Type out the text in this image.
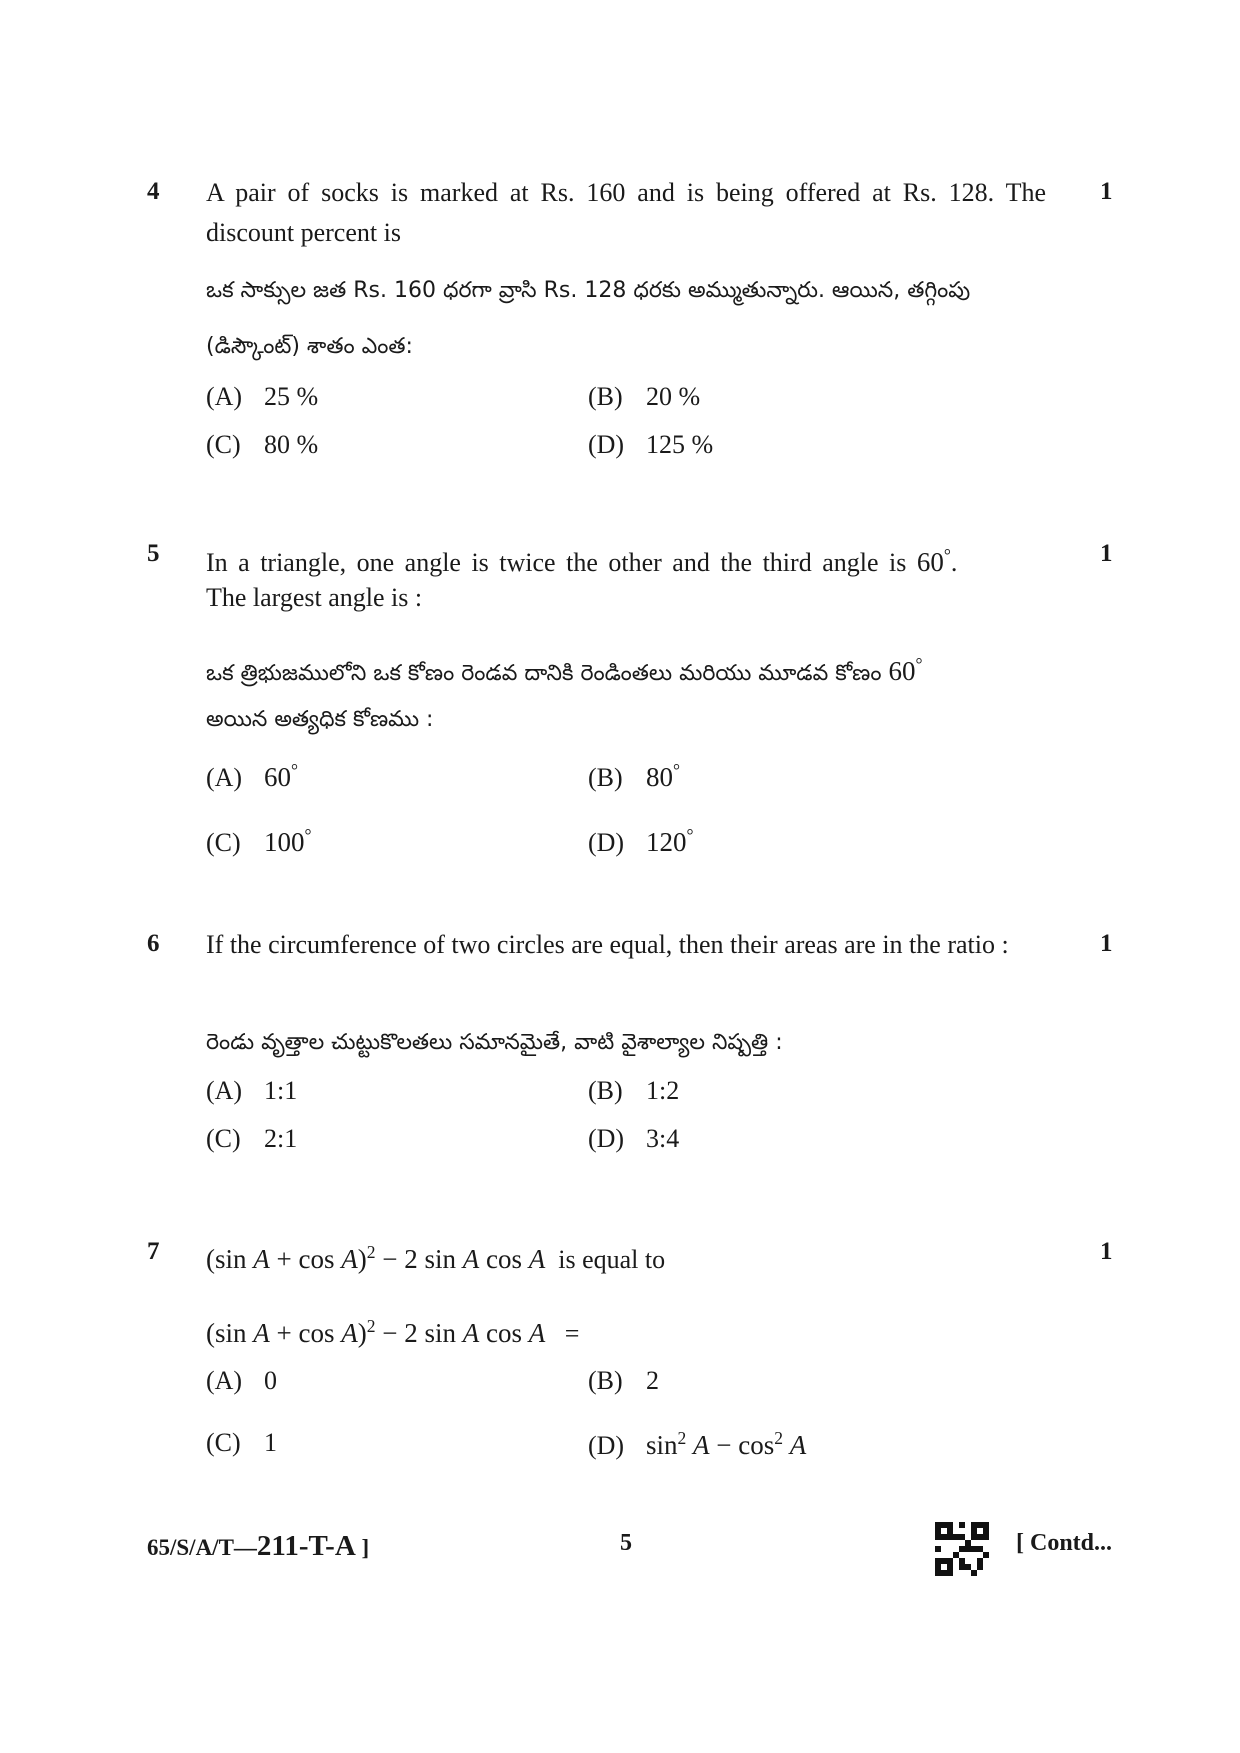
4	1
A pair of socks is marked at Rs. 160 and is being offered at Rs. 128. The discount percent is
ఒక సాక్సుల జత Rs. 160 ధరగా వ్రాసి Rs. 128 ధరకు అమ్ముతున్నారు. ఆయిన, తగ్గింపు
(డిస్కౌంట్) శాతం ఎంత:
(A) 25 %	(B) 20 %
(C) 80 %	(D) 125 %
5	1
In a triangle, one angle is twice the other and the third angle is 60°.
The largest angle is :
ఒక త్రిభుజములోని ఒక కోణం రెండవ దానికి రెండింతలు మరియు మూడవ కోణం 60°
అయిన అత్యధిక కోణము :
(A) 60°	(B) 80°
(C) 100°	(D) 120°
6	1
If the circumference of two circles are equal, then their areas are in the ratio :
రెండు వృత్తాల చుట్టుకొలతలు సమానమైతే, వాటి వైశాల్యాల నిష్పత్తి :
(A) 1:1	(B) 1:2
(C) 2:1	(D) 3:4
7	1
(sin A + cos A)$^2$ − 2 sin A cos A is equal to
(sin A + cos A)$^2$ − 2 sin A cos A =
(A) 0	(B) 2
(C) 1	(D) $\sin^2 A - \cos^2 A$
65/S/A/T—211-T-A ]	5	[ Contd...
